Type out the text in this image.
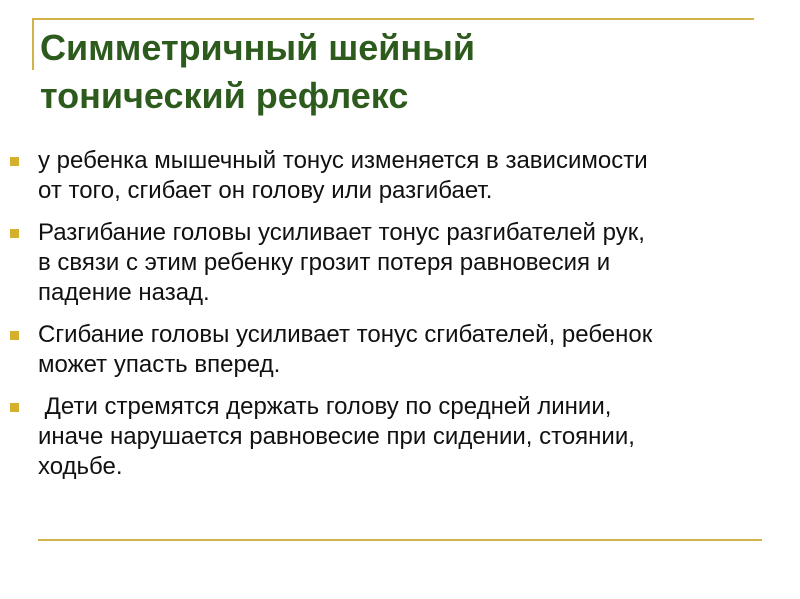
Симметричный шейный
тонический рефлекс
у ребенка мышечный тонус изменяется в зависимости
от того, сгибает он голову или разгибает.
Разгибание головы усиливает тонус разгибателей рук,
в связи с этим ребенку грозит потеря равновесия и
падение назад.
Сгибание головы усиливает тонус сгибателей, ребенок
может упасть вперед.
Дети стремятся держать голову по средней линии,
иначе нарушается равновесие при сидении, стоянии,
ходьбе.
